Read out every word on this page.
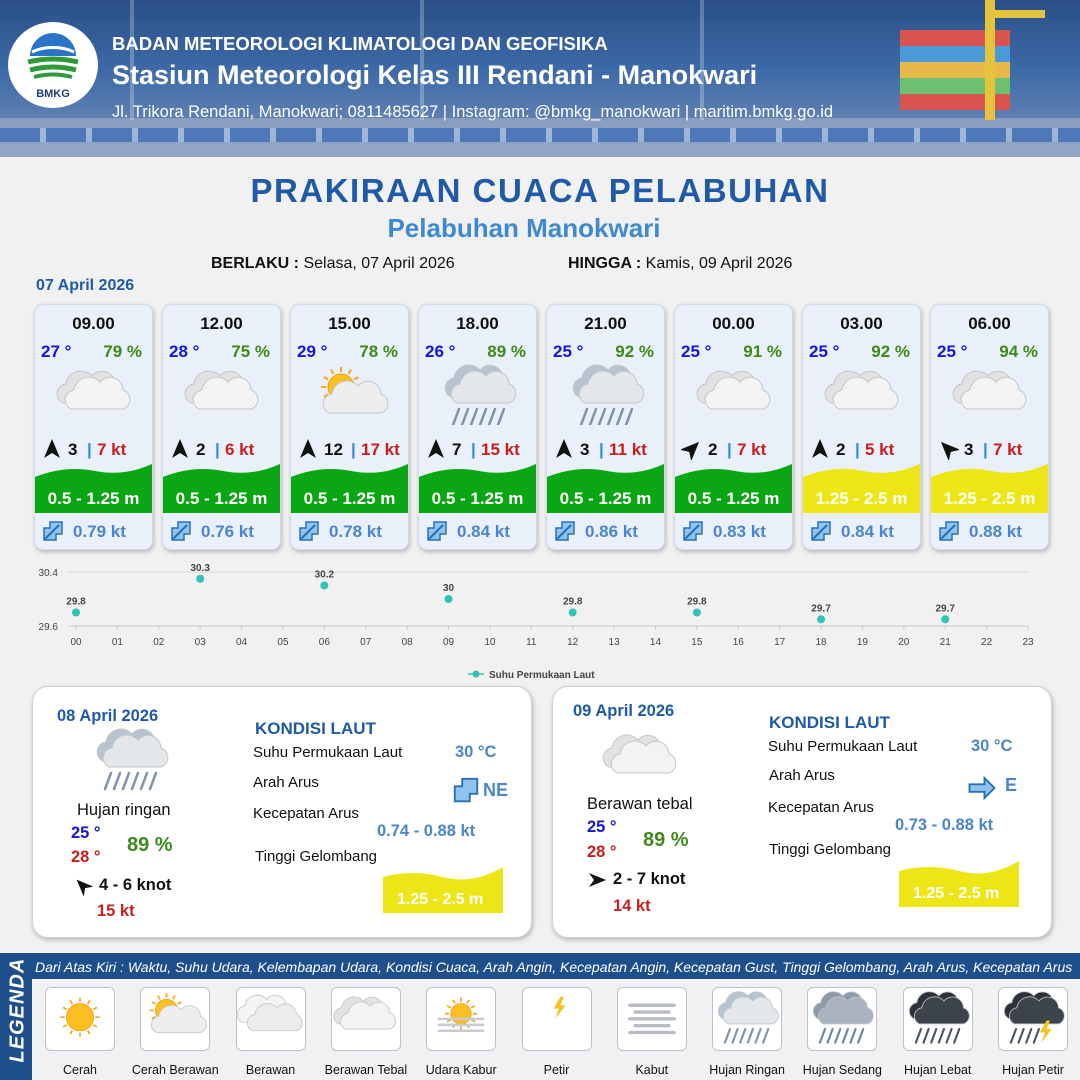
BMKG
BADAN METEOROLOGI KLIMATOLOGI DAN GEOFISIKA
Stasiun Meteorologi Kelas III Rendani - Manokwari
Jl. Trikora Rendani, Manokwari; 0811485627 | Instagram: @bmkg_manokwari | maritim.bmkg.go.id
PRAKIRAAN CUACA PELABUHAN
Pelabuhan Manokwari
BERLAKU : Selasa, 07 April 2026	HINGGA : Kamis, 09 April 2026
07 April 2026
09.00
27 ° 79 %
3 | 7 kt
0.5 - 1.25 m
0.79 kt
12.00
28 ° 75 %
2 | 6 kt
0.5 - 1.25 m
0.76 kt
15.00
29 ° 78 %
12 | 17 kt
0.5 - 1.25 m
0.78 kt
18.00
26 ° 89 %
7 | 15 kt
0.5 - 1.25 m
0.84 kt
21.00
25 ° 92 %
3 | 11 kt
0.5 - 1.25 m
0.86 kt
00.00
25 ° 91 %
2 | 7 kt
0.5 - 1.25 m
0.83 kt
03.00
25 ° 92 %
2 | 5 kt
1.25 - 2.5 m
0.84 kt
06.00
25 ° 94 %
3 | 7 kt
1.25 - 2.5 m
0.88 kt
30.4
29.6
00	01	02	03	04	05	06	07	08	09	10	11	12	13	14	15	16	17	18	19	20	21	22	23
29.8
30.3
30.2
30
29.8	29.8
29.7	29.7
Suhu Permukaan Laut
08 April 2026
Hujan ringan
25 °
28 °
89 %
4 - 6 knot
15 kt
KONDISI LAUT
Suhu Permukaan Laut	30 °C
Arah Arus	NE
Kecepatan Arus
0.74 - 0.88 kt
Tinggi Gelombang
1.25 - 2.5 m
09 April 2026
Berawan tebal
25 °
28 °
89 %
2 - 7 knot
14 kt
KONDISI LAUT
Suhu Permukaan Laut	30 °C
Arah Arus	E
Kecepatan Arus
0.73 - 0.88 kt
Tinggi Gelombang
1.25 - 2.5 m
LEGENDA Dari Atas Kiri : Waktu, Suhu Udara, Kelembapan Udara, Kondisi Cuaca, Arah Angin, Kecepatan Angin, Kecepatan Gust, Tinggi Gelombang, Arah Arus, Kecepatan Arus
Cerah	Cerah Berawan	Berawan	Berawan Tebal	Udara Kabur	Petir	Kabut	Hujan Ringan	Hujan Sedang	Hujan Lebat	Hujan Petir
